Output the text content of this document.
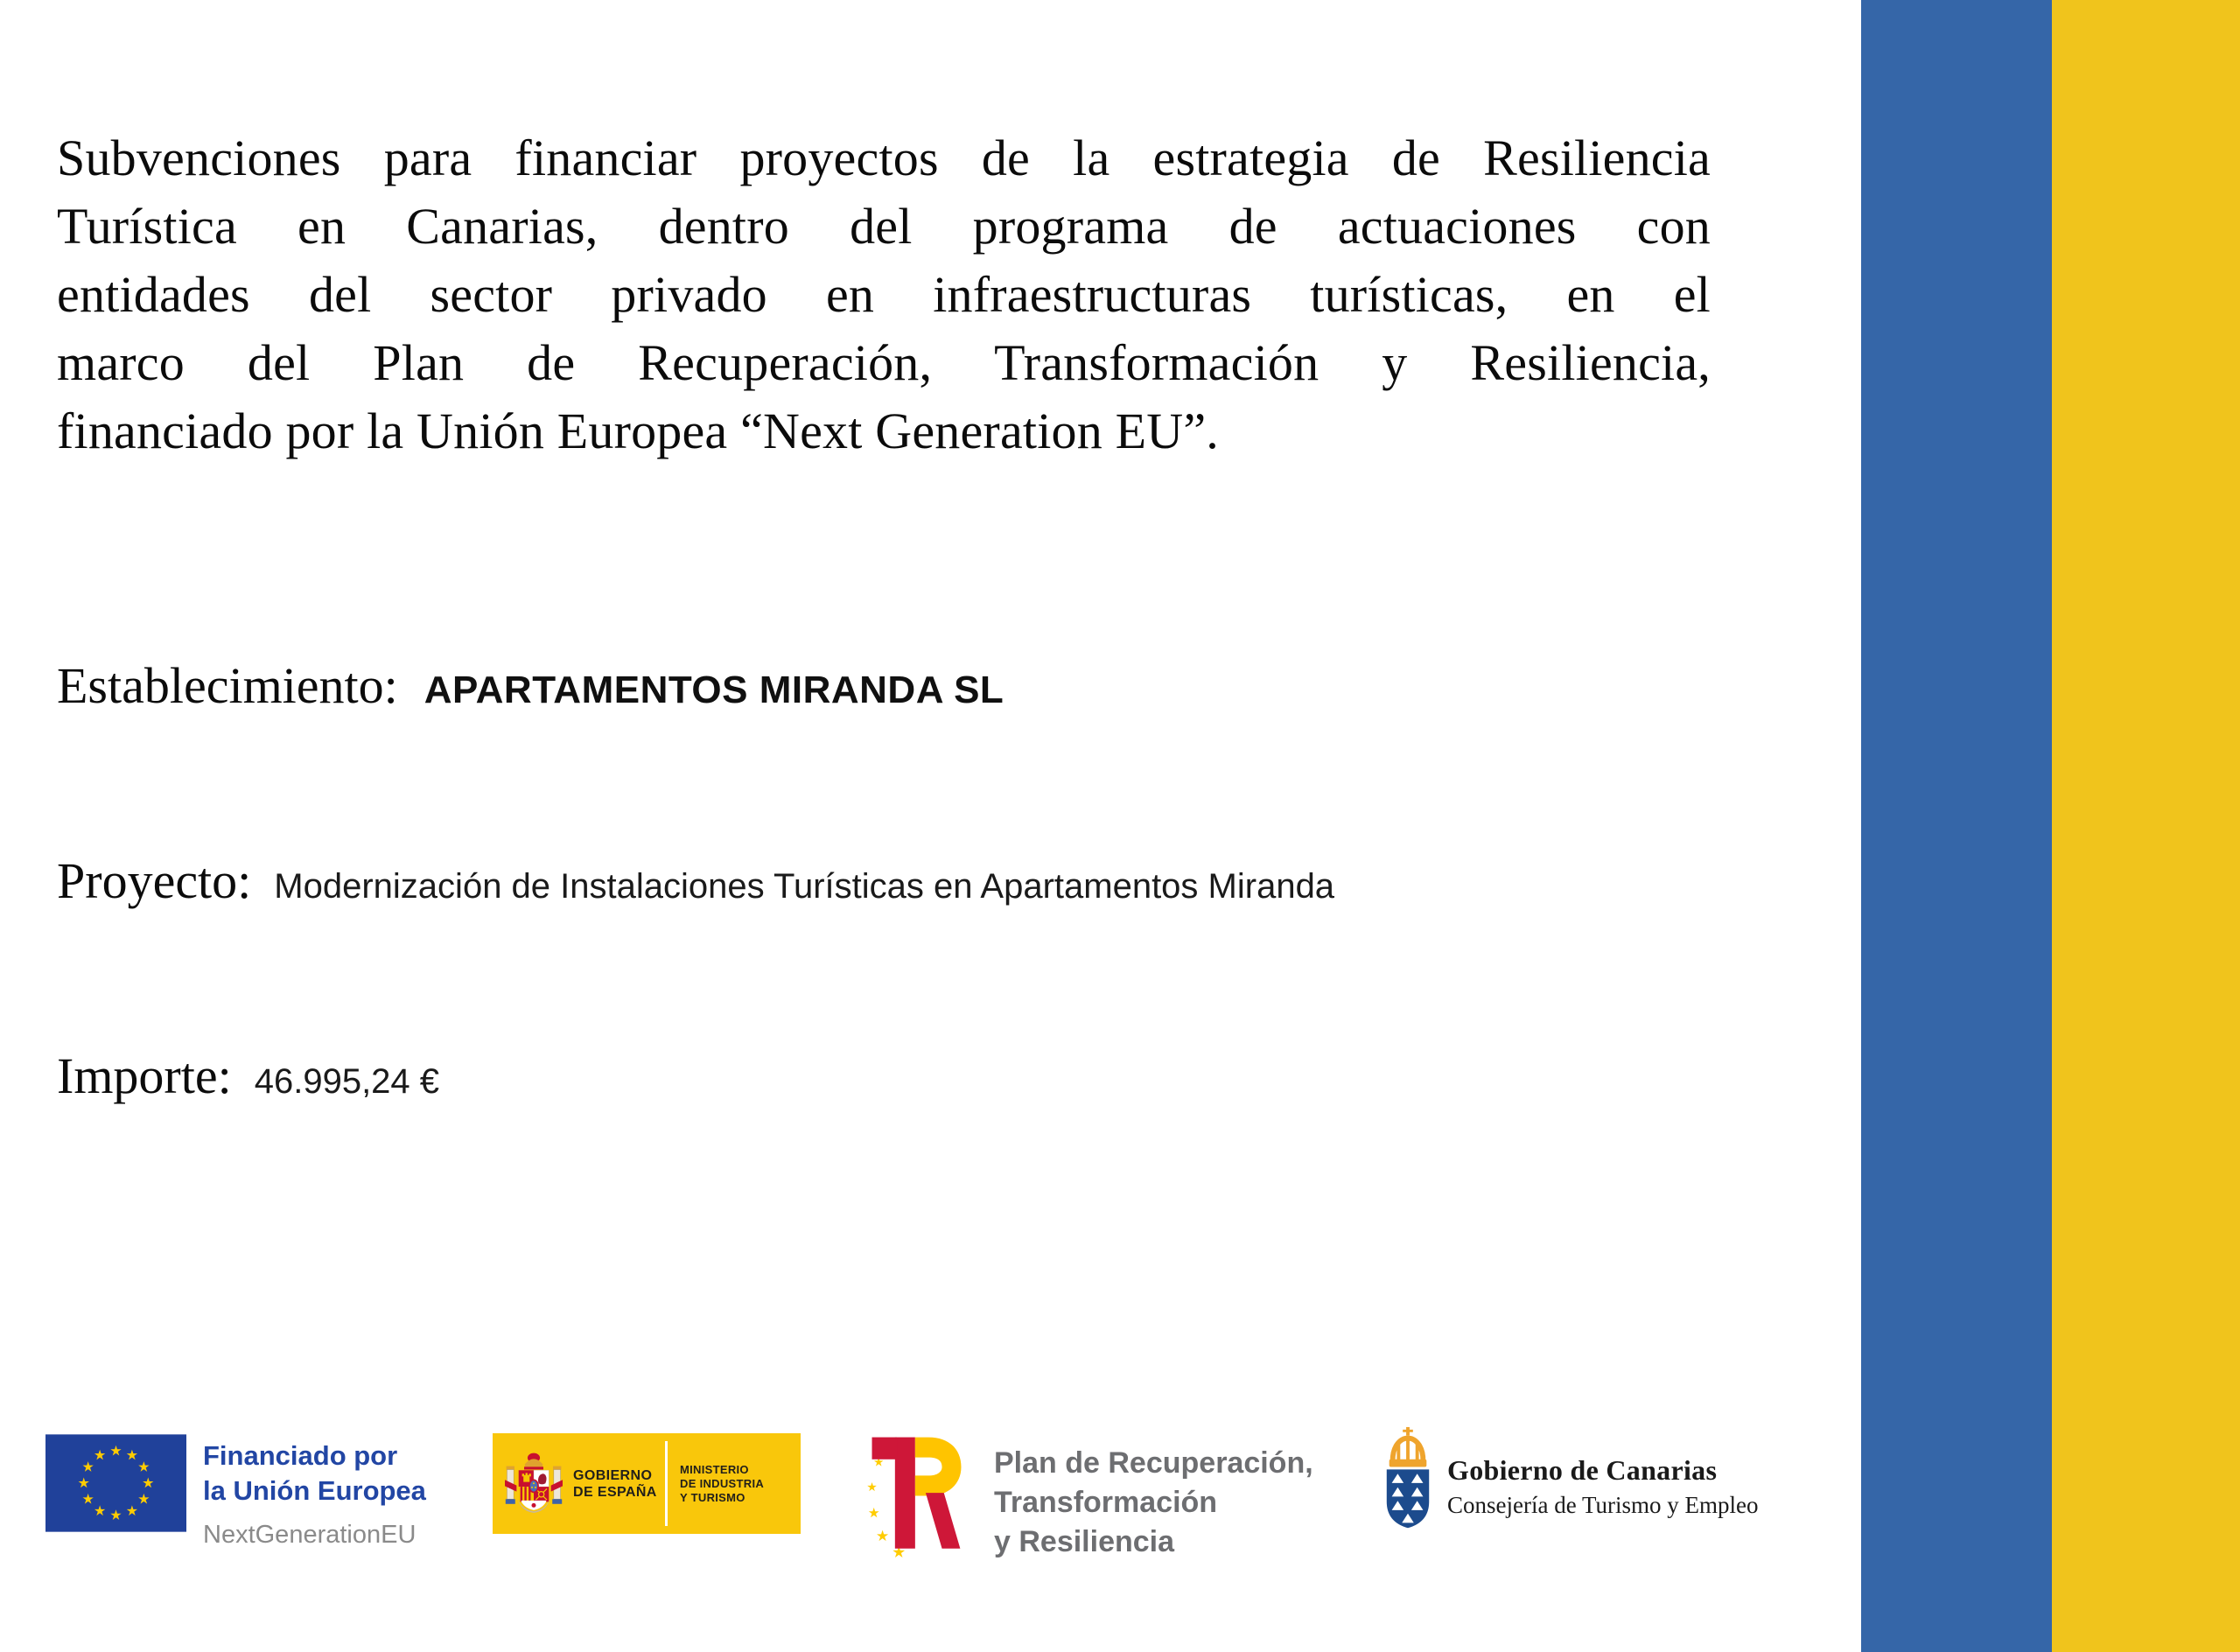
Subvenciones para financiar proyectos de la estrategia de Resiliencia
Turística en Canarias, dentro del programa de actuaciones con
entidades del sector privado en infraestructuras turísticas, en el
marco del Plan de Recuperación, Transformación y Resiliencia,
financiado por la Unión Europea “Next Generation EU”.
Establecimiento: APARTAMENTOS MIRANDA SL
Proyecto: Modernización de Instalaciones Turísticas en Apartamentos Miranda
Importe: 46.995,24 €
Financiado por
la Unión Europea
NextGenerationEU
GOBIERNO
DE ESPAÑA
MINISTERIO
DE INDUSTRIA
Y TURISMO
Plan de Recuperación,
Transformación
y Resiliencia
Gobierno de Canarias
Consejería de Turismo y Empleo
